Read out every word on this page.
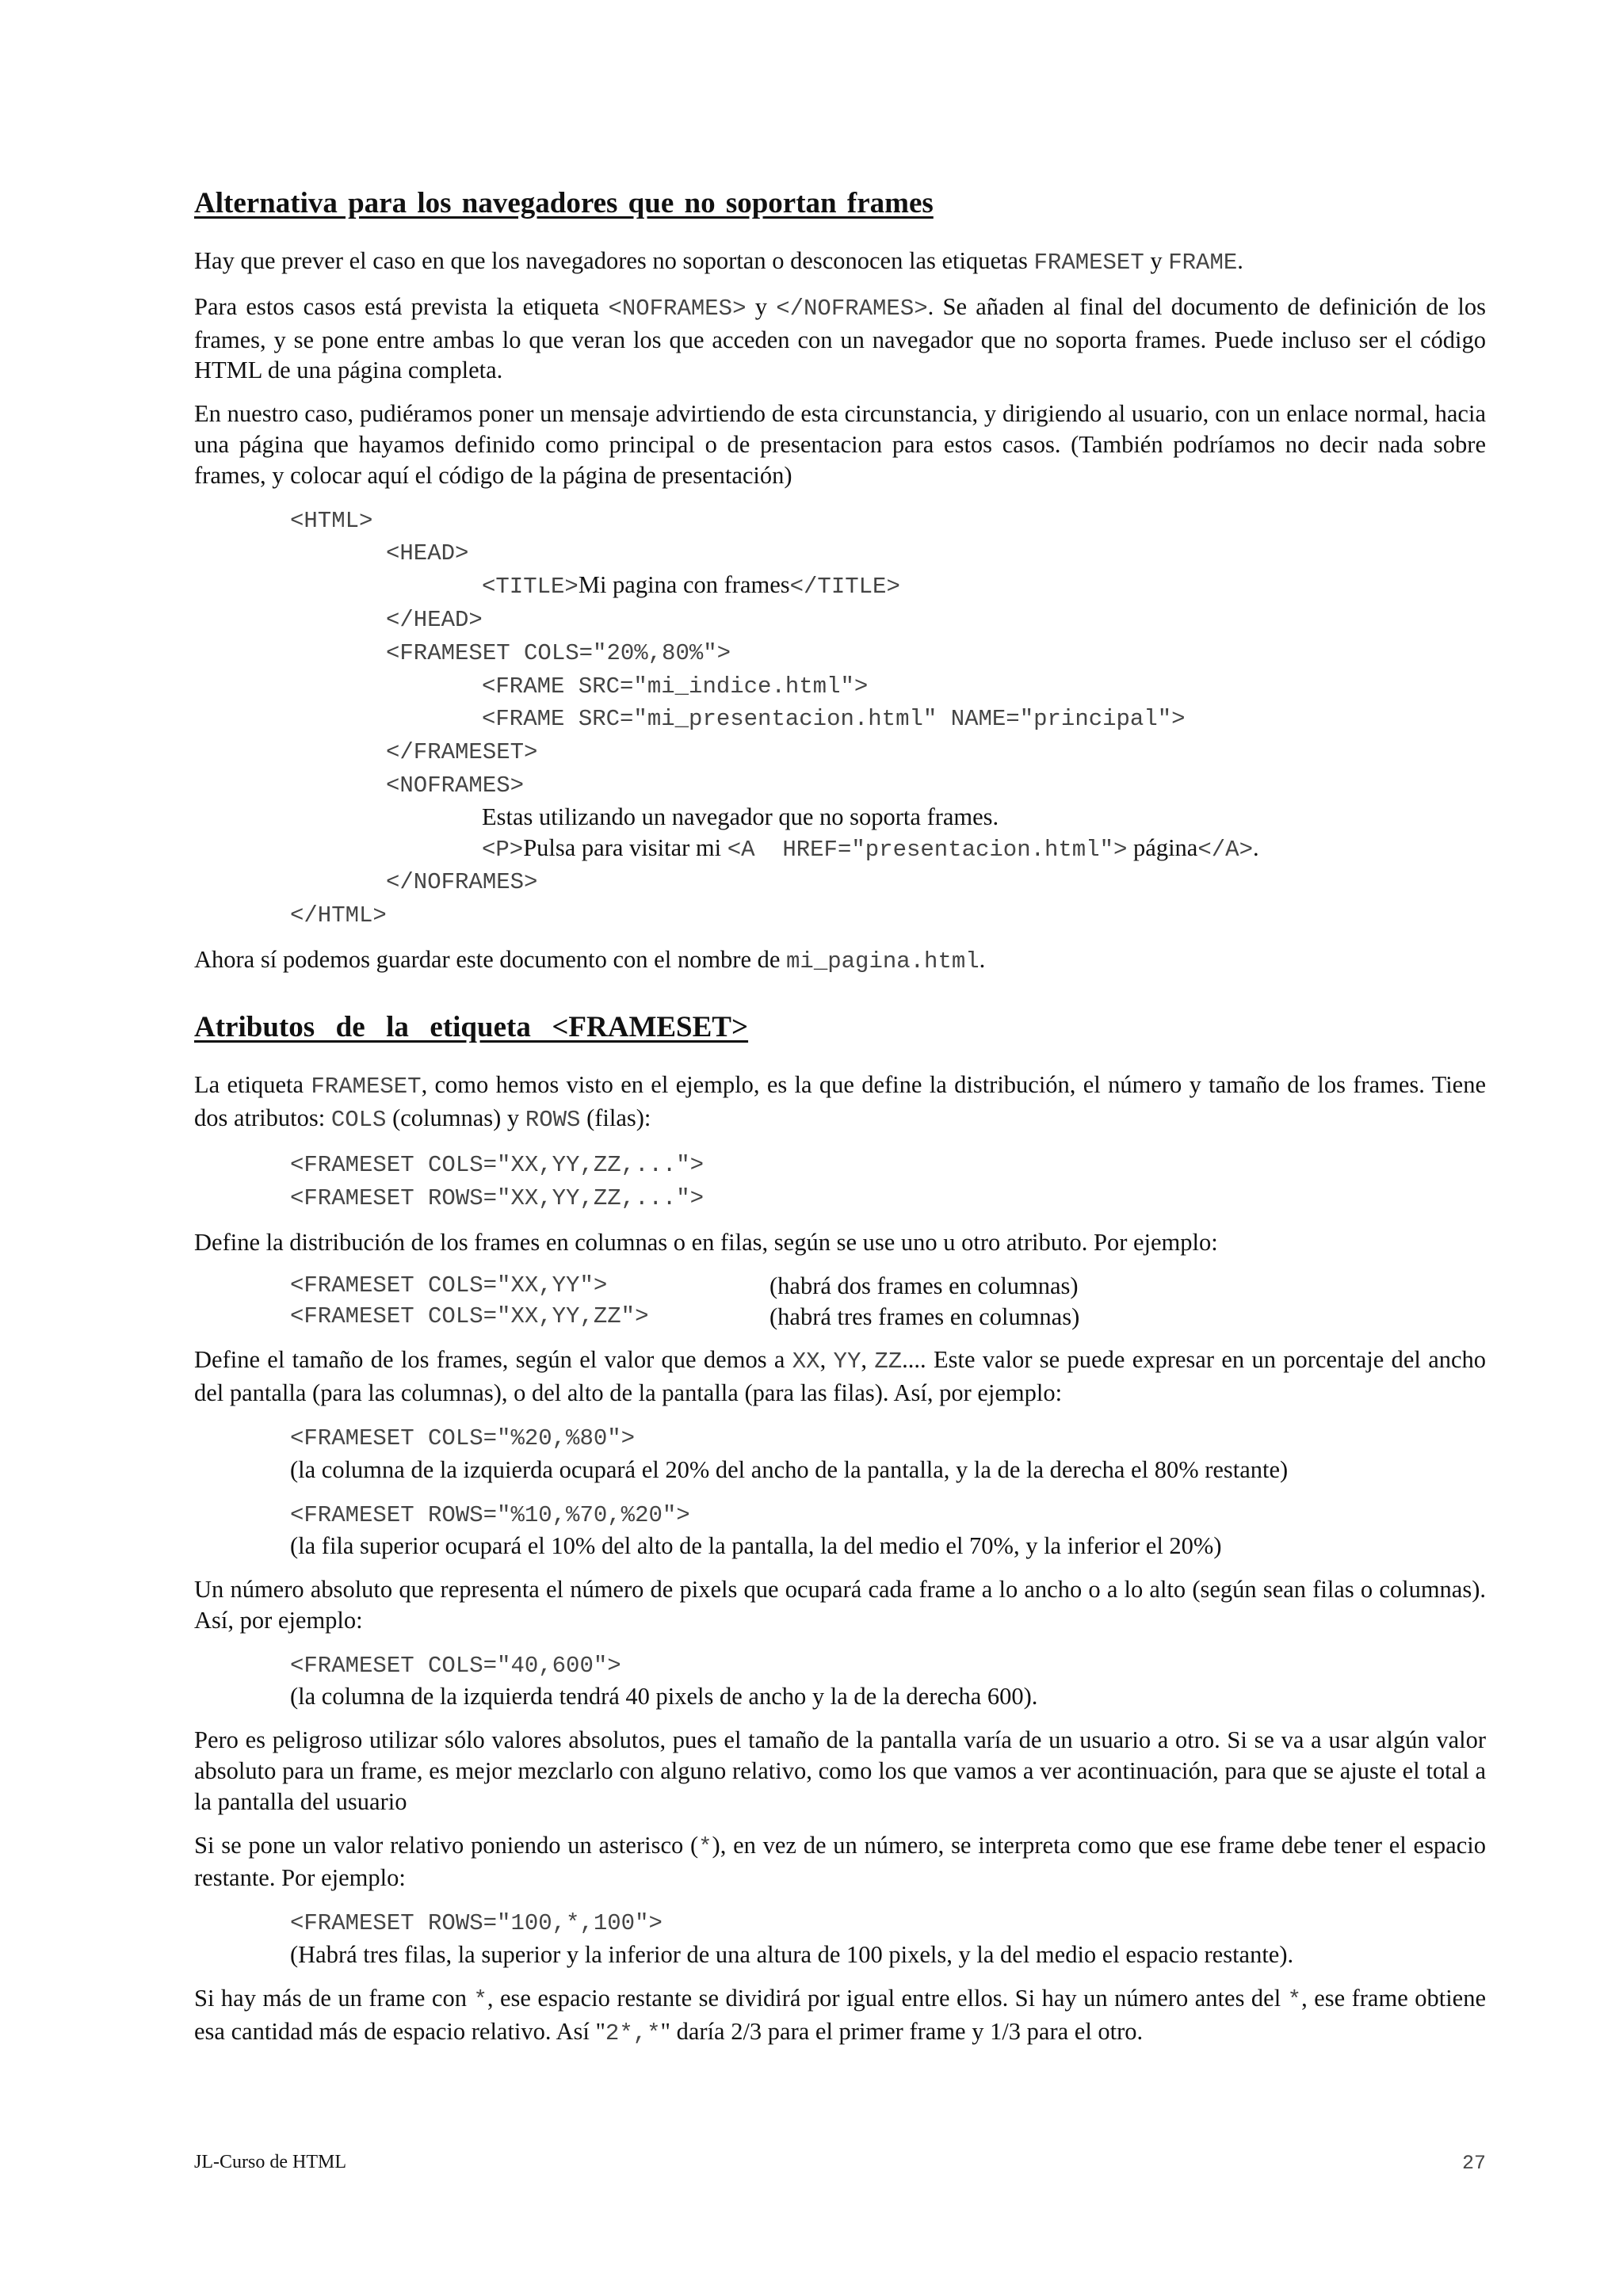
Alternativa para los navegadores que no soportan frames

Hay que prever el caso en que los navegadores no soportan o desconocen las etiquetas FRAMESET y FRAME.

Para estos casos está prevista la etiqueta <NOFRAMES> y </NOFRAMES>. Se añaden al final del documento de definición de los frames, y se pone entre ambas lo que veran los que acceden con un navegador que no soporta frames. Puede incluso ser el código HTML de una página completa.

En nuestro caso, pudiéramos poner un mensaje advirtiendo de esta circunstancia, y dirigiendo al usuario, con un enlace normal, hacia una página que hayamos definido como principal o de presentacion para estos casos. (También podríamos no decir nada sobre frames, y colocar aquí el código de la página de presentación)

<HTML>
<HEAD>
<TITLE>Mi pagina con frames</TITLE>
</HEAD>
<FRAMESET COLS="20%,80%">
<FRAME SRC="mi_indice.html">
<FRAME SRC="mi_presentacion.html" NAME="principal">
</FRAMESET>
<NOFRAMES>
Estas utilizando un navegador que no soporta frames.
<P>Pulsa para visitar mi <A  HREF="presentacion.html"> página</A>.
</NOFRAMES>
</HTML>

Ahora sí podemos guardar este documento con el nombre de mi_pagina.html.

Atributos  de  la  etiqueta  <FRAMESET>

La etiqueta FRAMESET, como hemos visto en el ejemplo, es la que define la distribución, el número y tamaño de los frames. Tiene dos atributos: COLS (columnas) y ROWS (filas):

<FRAMESET COLS="XX,YY,ZZ,...">
<FRAMESET ROWS="XX,YY,ZZ,...">

Define la distribución de los frames en columnas o en filas, según se use uno u otro atributo. Por ejemplo:

<FRAMESET COLS="XX,YY">	(habrá dos frames en columnas)
<FRAMESET COLS="XX,YY,ZZ">	(habrá tres frames en columnas)

Define el tamaño de los frames, según el valor que demos a XX, YY, ZZ.... Este valor se puede expresar en un porcentaje del ancho del pantalla (para las columnas), o del alto de la pantalla (para las filas). Así, por ejemplo:

<FRAMESET COLS="%20,%80">
(la columna de la izquierda ocupará el 20% del ancho de la pantalla, y la de la derecha el 80% restante)
<FRAMESET ROWS="%10,%70,%20">
(la fila superior ocupará el 10% del alto de la pantalla, la del medio el 70%, y la inferior el 20%)

Un número absoluto que representa el número de pixels que ocupará cada frame a lo ancho o a lo alto (según sean filas o columnas). Así, por ejemplo:

<FRAMESET COLS="40,600">
(la columna de la izquierda tendrá 40 pixels de ancho y la de la derecha 600).

Pero es peligroso utilizar sólo valores absolutos, pues el tamaño de la pantalla varía de un usuario a otro. Si se va a usar algún valor absoluto para un frame, es mejor mezclarlo con alguno relativo, como los que vamos a ver acontinuación, para que se ajuste el total a la pantalla del usuario

Si se pone un valor relativo poniendo un asterisco (*), en vez de un número, se interpreta como que ese frame debe tener el espacio restante. Por ejemplo:

<FRAMESET ROWS="100,*,100">
(Habrá tres filas, la superior y la inferior de una altura de 100 pixels, y la del medio el espacio restante).

Si hay más de un frame con *, ese espacio restante se dividirá por igual entre ellos. Si hay un número antes del *, ese frame obtiene esa cantidad más de espacio relativo. Así "2*,*" daría 2/3 para el primer frame y 1/3 para el otro.

JL-Curso de HTML	27
